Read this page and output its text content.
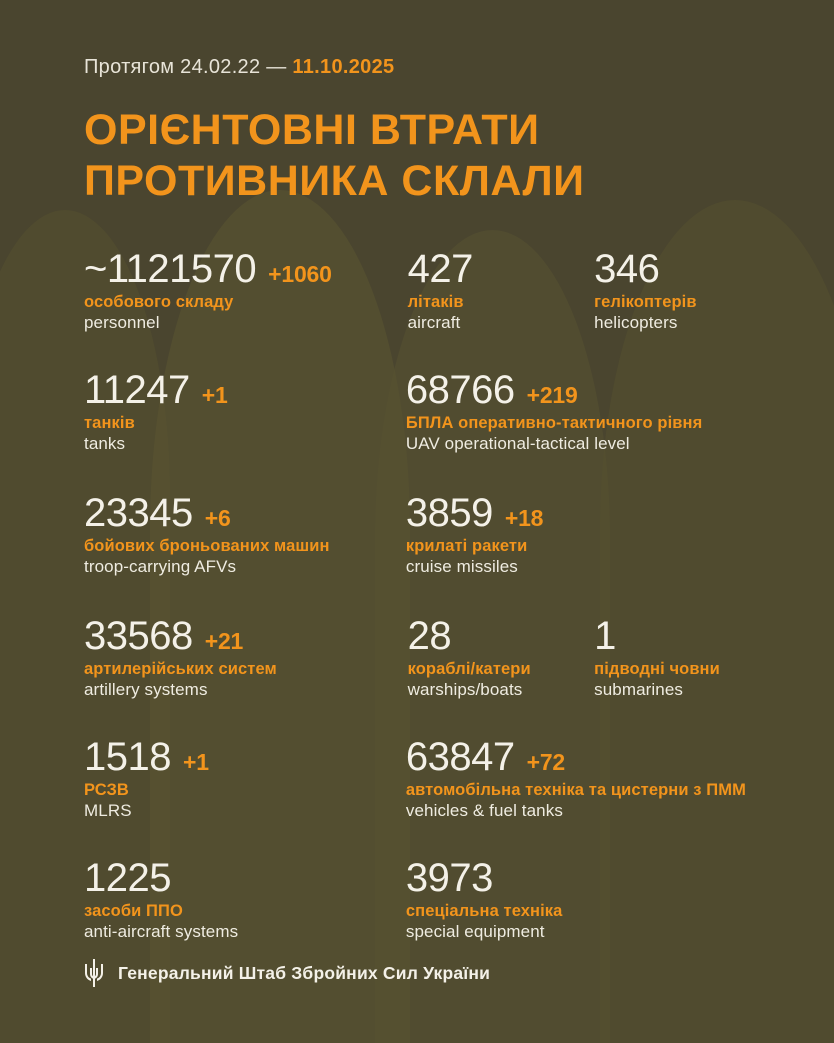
Протягом 24.02.22 — 11.10.2025
ОРІЄНТОВНІ ВТРАТИ
ПРОТИВНИКА СКЛАЛИ
~1121570 +1060
особового складу
personnel
427
літаків
aircraft
346
гелікоптерів
helicopters
11247 +1
танків
tanks
68766 +219
БПЛА оперативно-тактичного рівня
UAV operational-tactical level
23345 +6
бойових броньованих машин
troop-carrying AFVs
3859 +18
крилаті ракети
cruise missiles
33568 +21
артилерійських систем
artillery systems
28
кораблі/катери
warships/boats
1
підводні човни
submarines
1518 +1
РСЗВ
MLRS
63847 +72
автомобільна техніка та цистерни з ПММ
vehicles & fuel tanks
1225
засоби ППО
anti-aircraft systems
3973
спеціальна техніка
special equipment
Генеральний Штаб Збройних Сил України
